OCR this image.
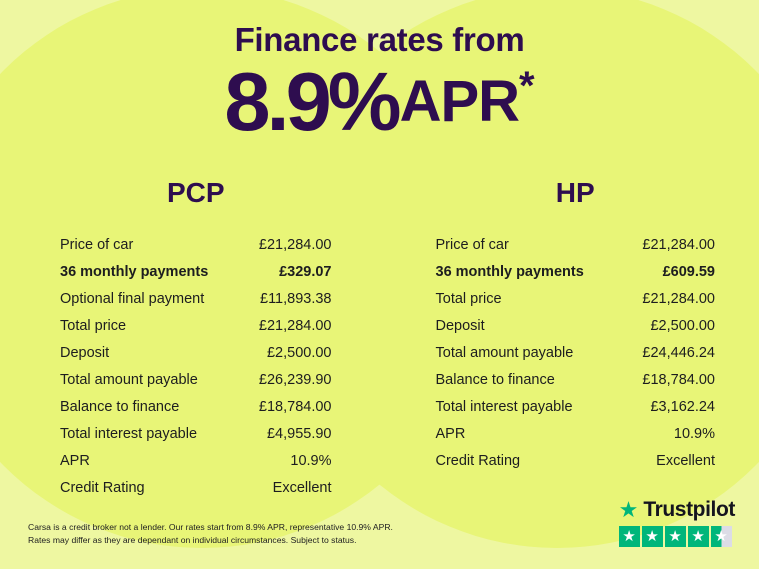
Finance rates from
8.9%APR*
PCP
Price of car	£21,284.00
36 monthly payments	£329.07
Optional final payment	£11,893.38
Total price	£21,284.00
Deposit	£2,500.00
Total amount payable	£26,239.90
Balance to finance	£18,784.00
Total interest payable	£4,955.90
APR	10.9%
Credit Rating	Excellent
HP
Price of car	£21,284.00
36 monthly payments	£609.59
Total price	£21,284.00
Deposit	£2,500.00
Total amount payable	£24,446.24
Balance to finance	£18,784.00
Total interest payable	£3,162.24
APR	10.9%
Credit Rating	Excellent
Carsa is a credit broker not a lender. Our rates start from 8.9% APR, representative 10.9% APR.
Rates may differ as they are dependant on individual circumstances. Subject to status.
★ Trustpilot
★ ★ ★ ★ ★
